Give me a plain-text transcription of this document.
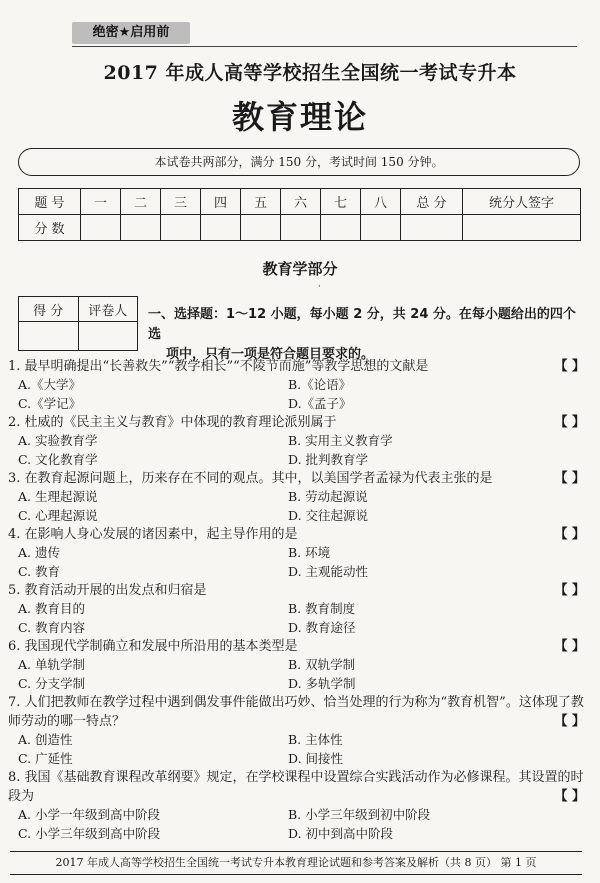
绝密★启用前
2017 年成人高等学校招生全国统一考试专升本
教育理论
本试卷共两部分，满分 150 分，考试时间 150 分钟。
题 号	一	二	三	四	五	六	七	八	总 分	统分人签字
分 数										
教育学部分
·
得 分	评卷人
	一、选择题：1～12 小题，每小题 2 分，共 24 分。在每小题给出的四个选
项中，只有一项是符合题目要求的。
1. 最早明确提出“长善救失”“教学相长”“不陵节而施”等教学思想的文献是	【 】
A.《大学》	B.《论语》
C.《学记》	D.《孟子》
2. 杜威的《民主主义与教育》中体现的教育理论派别属于	【 】
A. 实验教育学	B. 实用主义教育学
C. 文化教育学	D. 批判教育学
3. 在教育起源问题上，历来存在不同的观点。其中，以美国学者孟禄为代表主张的是	【 】
A. 生理起源说	B. 劳动起源说
C. 心理起源说	D. 交往起源说
4. 在影响人身心发展的诸因素中，起主导作用的是	【 】
A. 遗传	B. 环境
C. 教育	D. 主观能动性
5. 教育活动开展的出发点和归宿是	【 】
A. 教育目的	B. 教育制度
C. 教育内容	D. 教育途径
6. 我国现代学制确立和发展中所沿用的基本类型是	【 】
A. 单轨学制	B. 双轨学制
C. 分支学制	D. 多轨学制
7. 人们把教师在教学过程中遇到偶发事件能做出巧妙、恰当处理的行为称为“教育机智”。这体现了教师劳动的哪一特点？	【 】
A. 创造性	B. 主体性
C. 广延性	D. 间接性
8. 我国《基础教育课程改革纲要》规定，在学校课程中设置综合实践活动作为必修课程。其设置的时段为	【 】
A. 小学一年级到高中阶段	B. 小学三年级到初中阶段
C. 小学三年级到高中阶段	D. 初中到高中阶段
2017 年成人高等学校招生全国统一考试专升本教育理论试题和参考答案及解析（共 8 页） 第 1 页
